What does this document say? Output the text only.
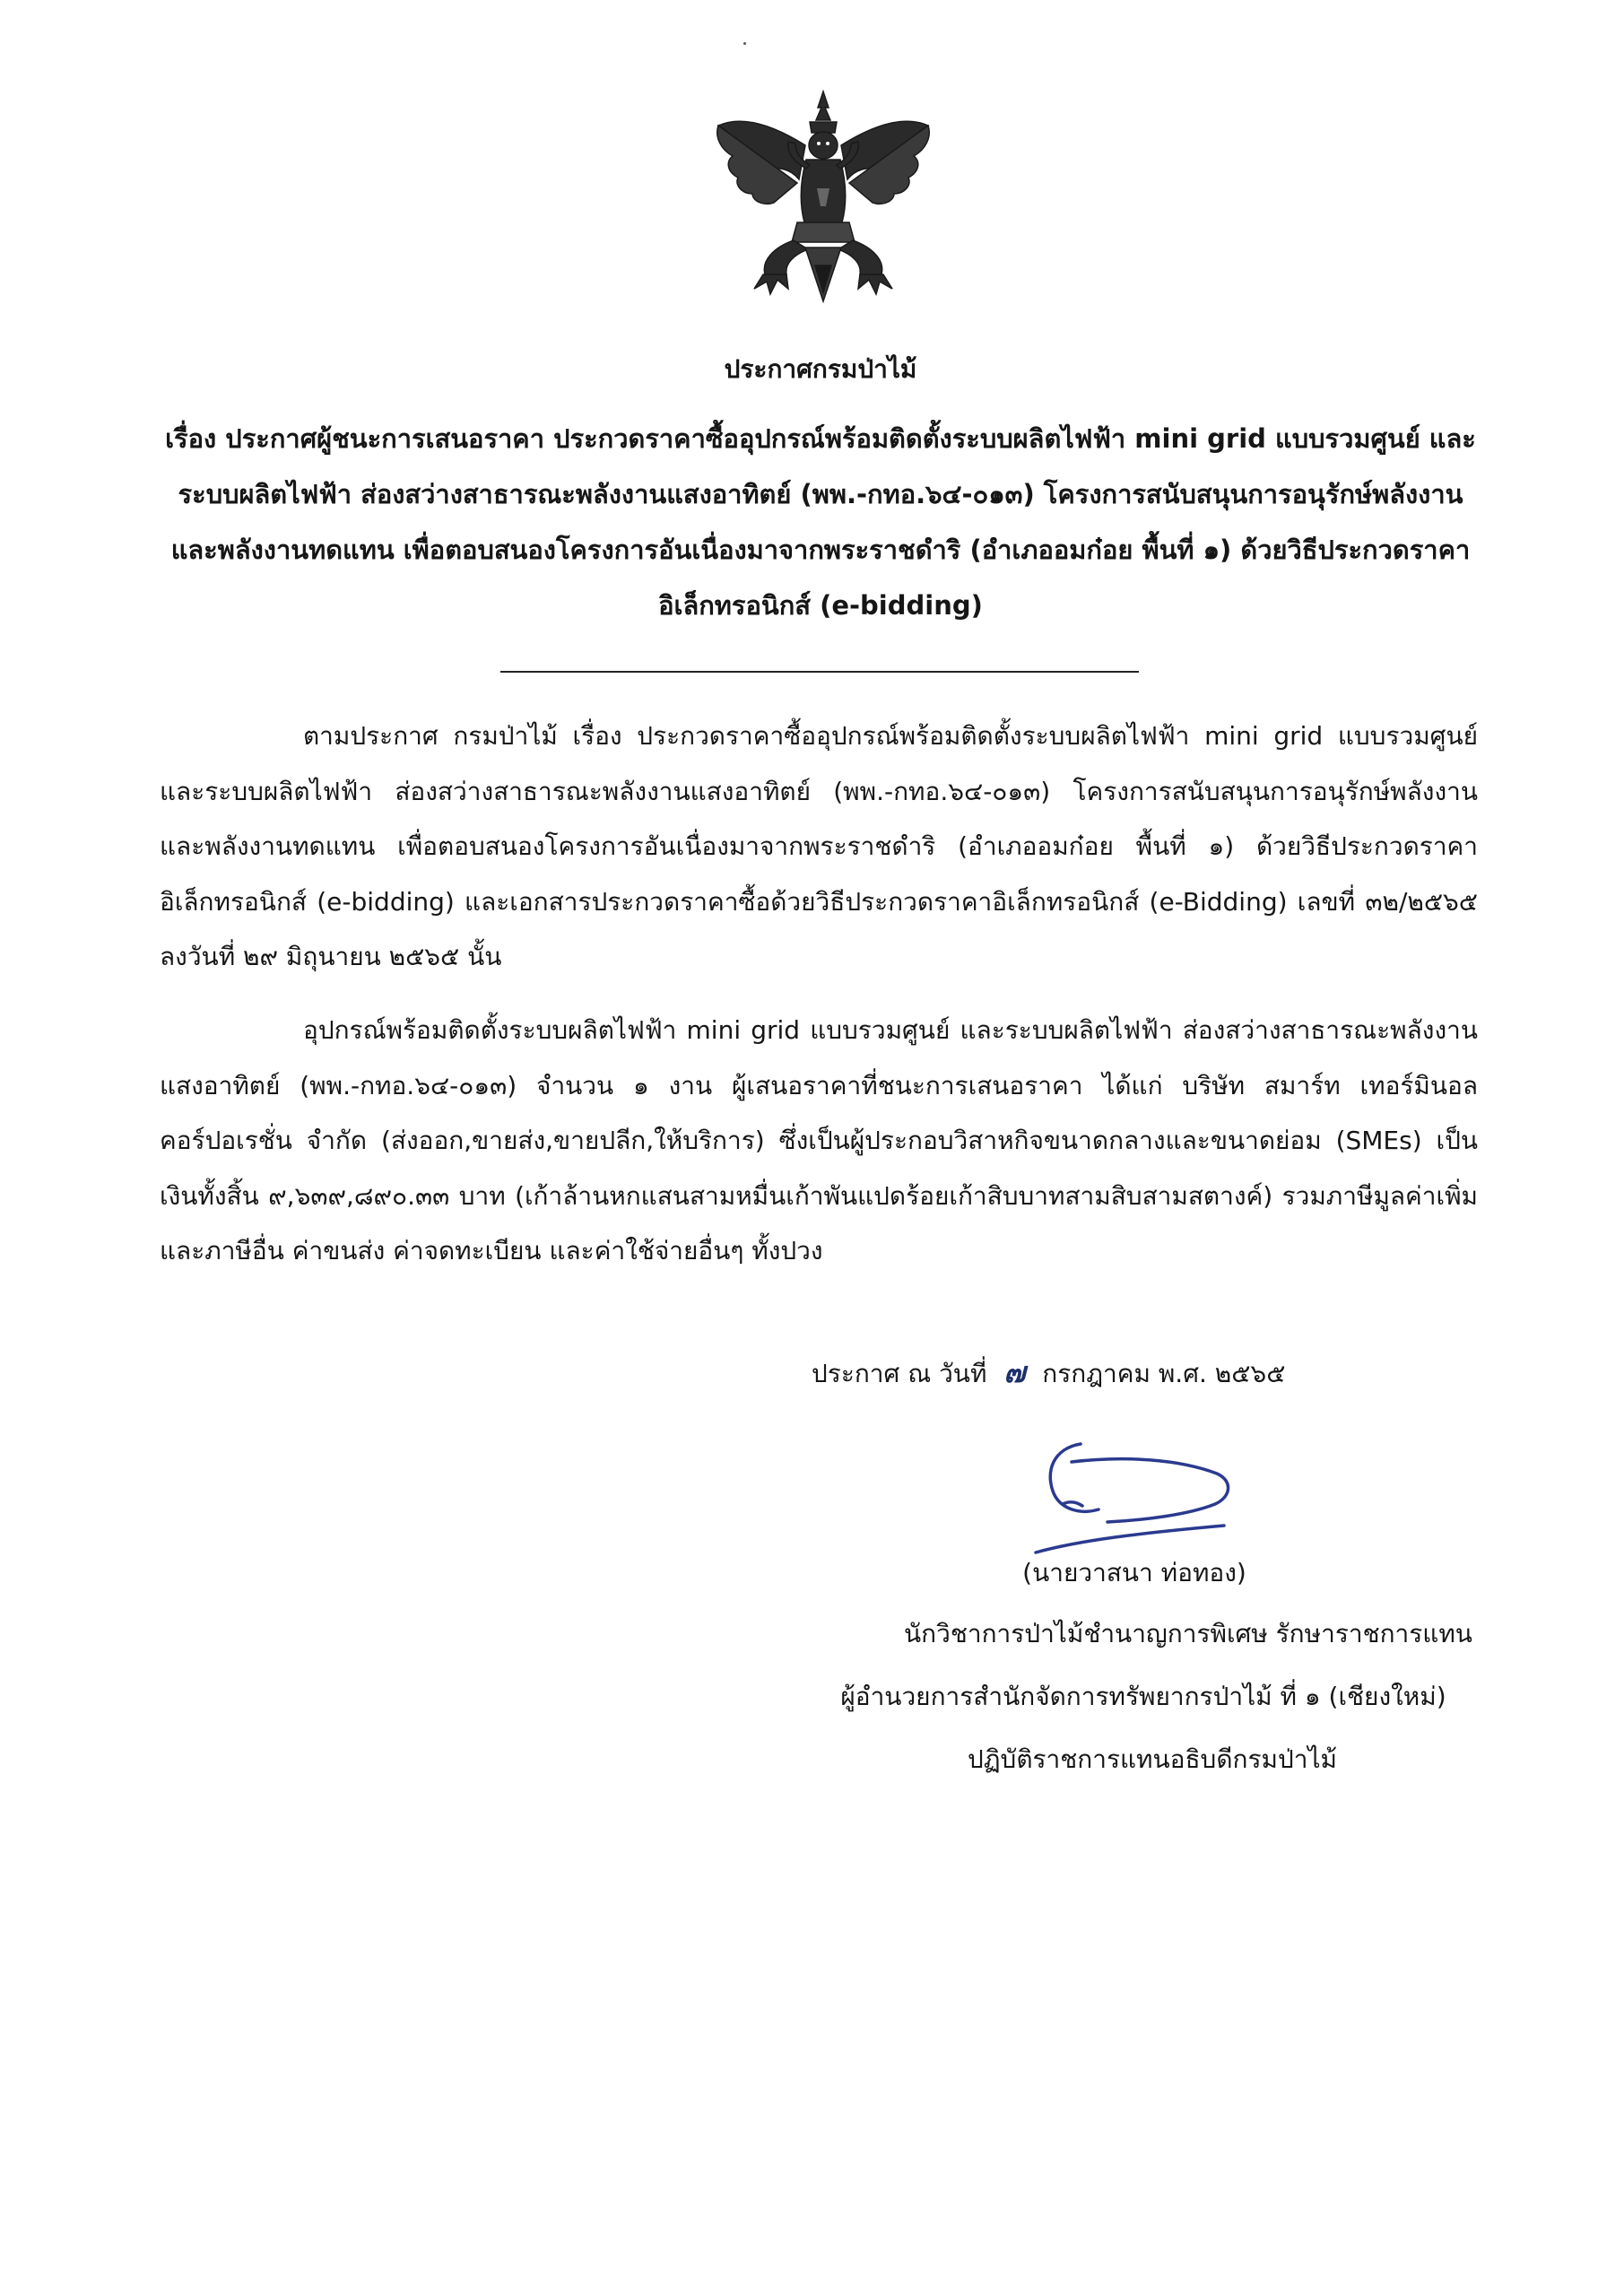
ประกาศกรมป่าไม้
เรื่อง ประกาศผู้ชนะการเสนอราคา ประกวดราคาซื้ออุปกรณ์พร้อมติดตั้งระบบผลิตไฟฟ้า mini grid แบบรวมศูนย์ และระบบผลิตไฟฟ้า ส่องสว่างสาธารณะพลังงานแสงอาทิตย์ (พพ.-กทอ.๖๔-๐๑๓) โครงการสนับสนุนการอนุรักษ์พลังงานและพลังงานทดแทน เพื่อตอบสนองโครงการอันเนื่องมาจากพระราชดำริ (อำเภออมก๋อย พื้นที่ ๑) ด้วยวิธีประกวดราคาอิเล็กทรอนิกส์ (e-bidding)
ตามประกาศ กรมป่าไม้ เรื่อง ประกวดราคาซื้ออุปกรณ์พร้อมติดตั้งระบบผลิตไฟฟ้า mini grid แบบรวมศูนย์ และระบบผลิตไฟฟ้า ส่องสว่างสาธารณะพลังงานแสงอาทิตย์ (พพ.-กทอ.๖๔-๐๑๓) โครงการสนับสนุนการอนุรักษ์พลังงานและพลังงานทดแทน เพื่อตอบสนองโครงการอันเนื่องมาจากพระราชดำริ (อำเภออมก๋อย พื้นที่ ๑) ด้วยวิธีประกวดราคาอิเล็กทรอนิกส์ (e-bidding) และเอกสารประกวดราคาซื้อด้วยวิธีประกวดราคาอิเล็กทรอนิกส์ (e-Bidding) เลขที่ ๓๒/๒๕๖๕ ลงวันที่ ๒๙ มิถุนายน ๒๕๖๕ นั้น
อุปกรณ์พร้อมติดตั้งระบบผลิตไฟฟ้า mini grid แบบรวมศูนย์ และระบบผลิตไฟฟ้า ส่องสว่างสาธารณะพลังงานแสงอาทิตย์ (พพ.-กทอ.๖๔-๐๑๓) จำนวน ๑ งาน ผู้เสนอราคาที่ชนะการเสนอราคา ได้แก่ บริษัท สมาร์ท เทอร์มินอล คอร์ปอเรชั่น จำกัด (ส่งออก,ขายส่ง,ขายปลีก,ให้บริการ) ซึ่งเป็นผู้ประกอบวิสาหกิจขนาดกลางและขนาดย่อม (SMEs) เป็นเงินทั้งสิ้น ๙,๖๓๙,๘๙๐.๓๓ บาท (เก้าล้านหกแสนสามหมื่นเก้าพันแปดร้อยเก้าสิบบาทสามสิบสามสตางค์) รวมภาษีมูลค่าเพิ่มและภาษีอื่น ค่าขนส่ง ค่าจดทะเบียน และค่าใช้จ่ายอื่นๆ ทั้งปวง
ประกาศ ณ วันที่ ๗ กรกฎาคม พ.ศ. ๒๕๖๕
(นายวาสนา ท่อทอง)
นักวิชาการป่าไม้ชำนาญการพิเศษ รักษาราชการแทน
ผู้อำนวยการสำนักจัดการทรัพยากรป่าไม้ ที่ ๑ (เชียงใหม่)
ปฏิบัติราชการแทนอธิบดีกรมป่าไม้
